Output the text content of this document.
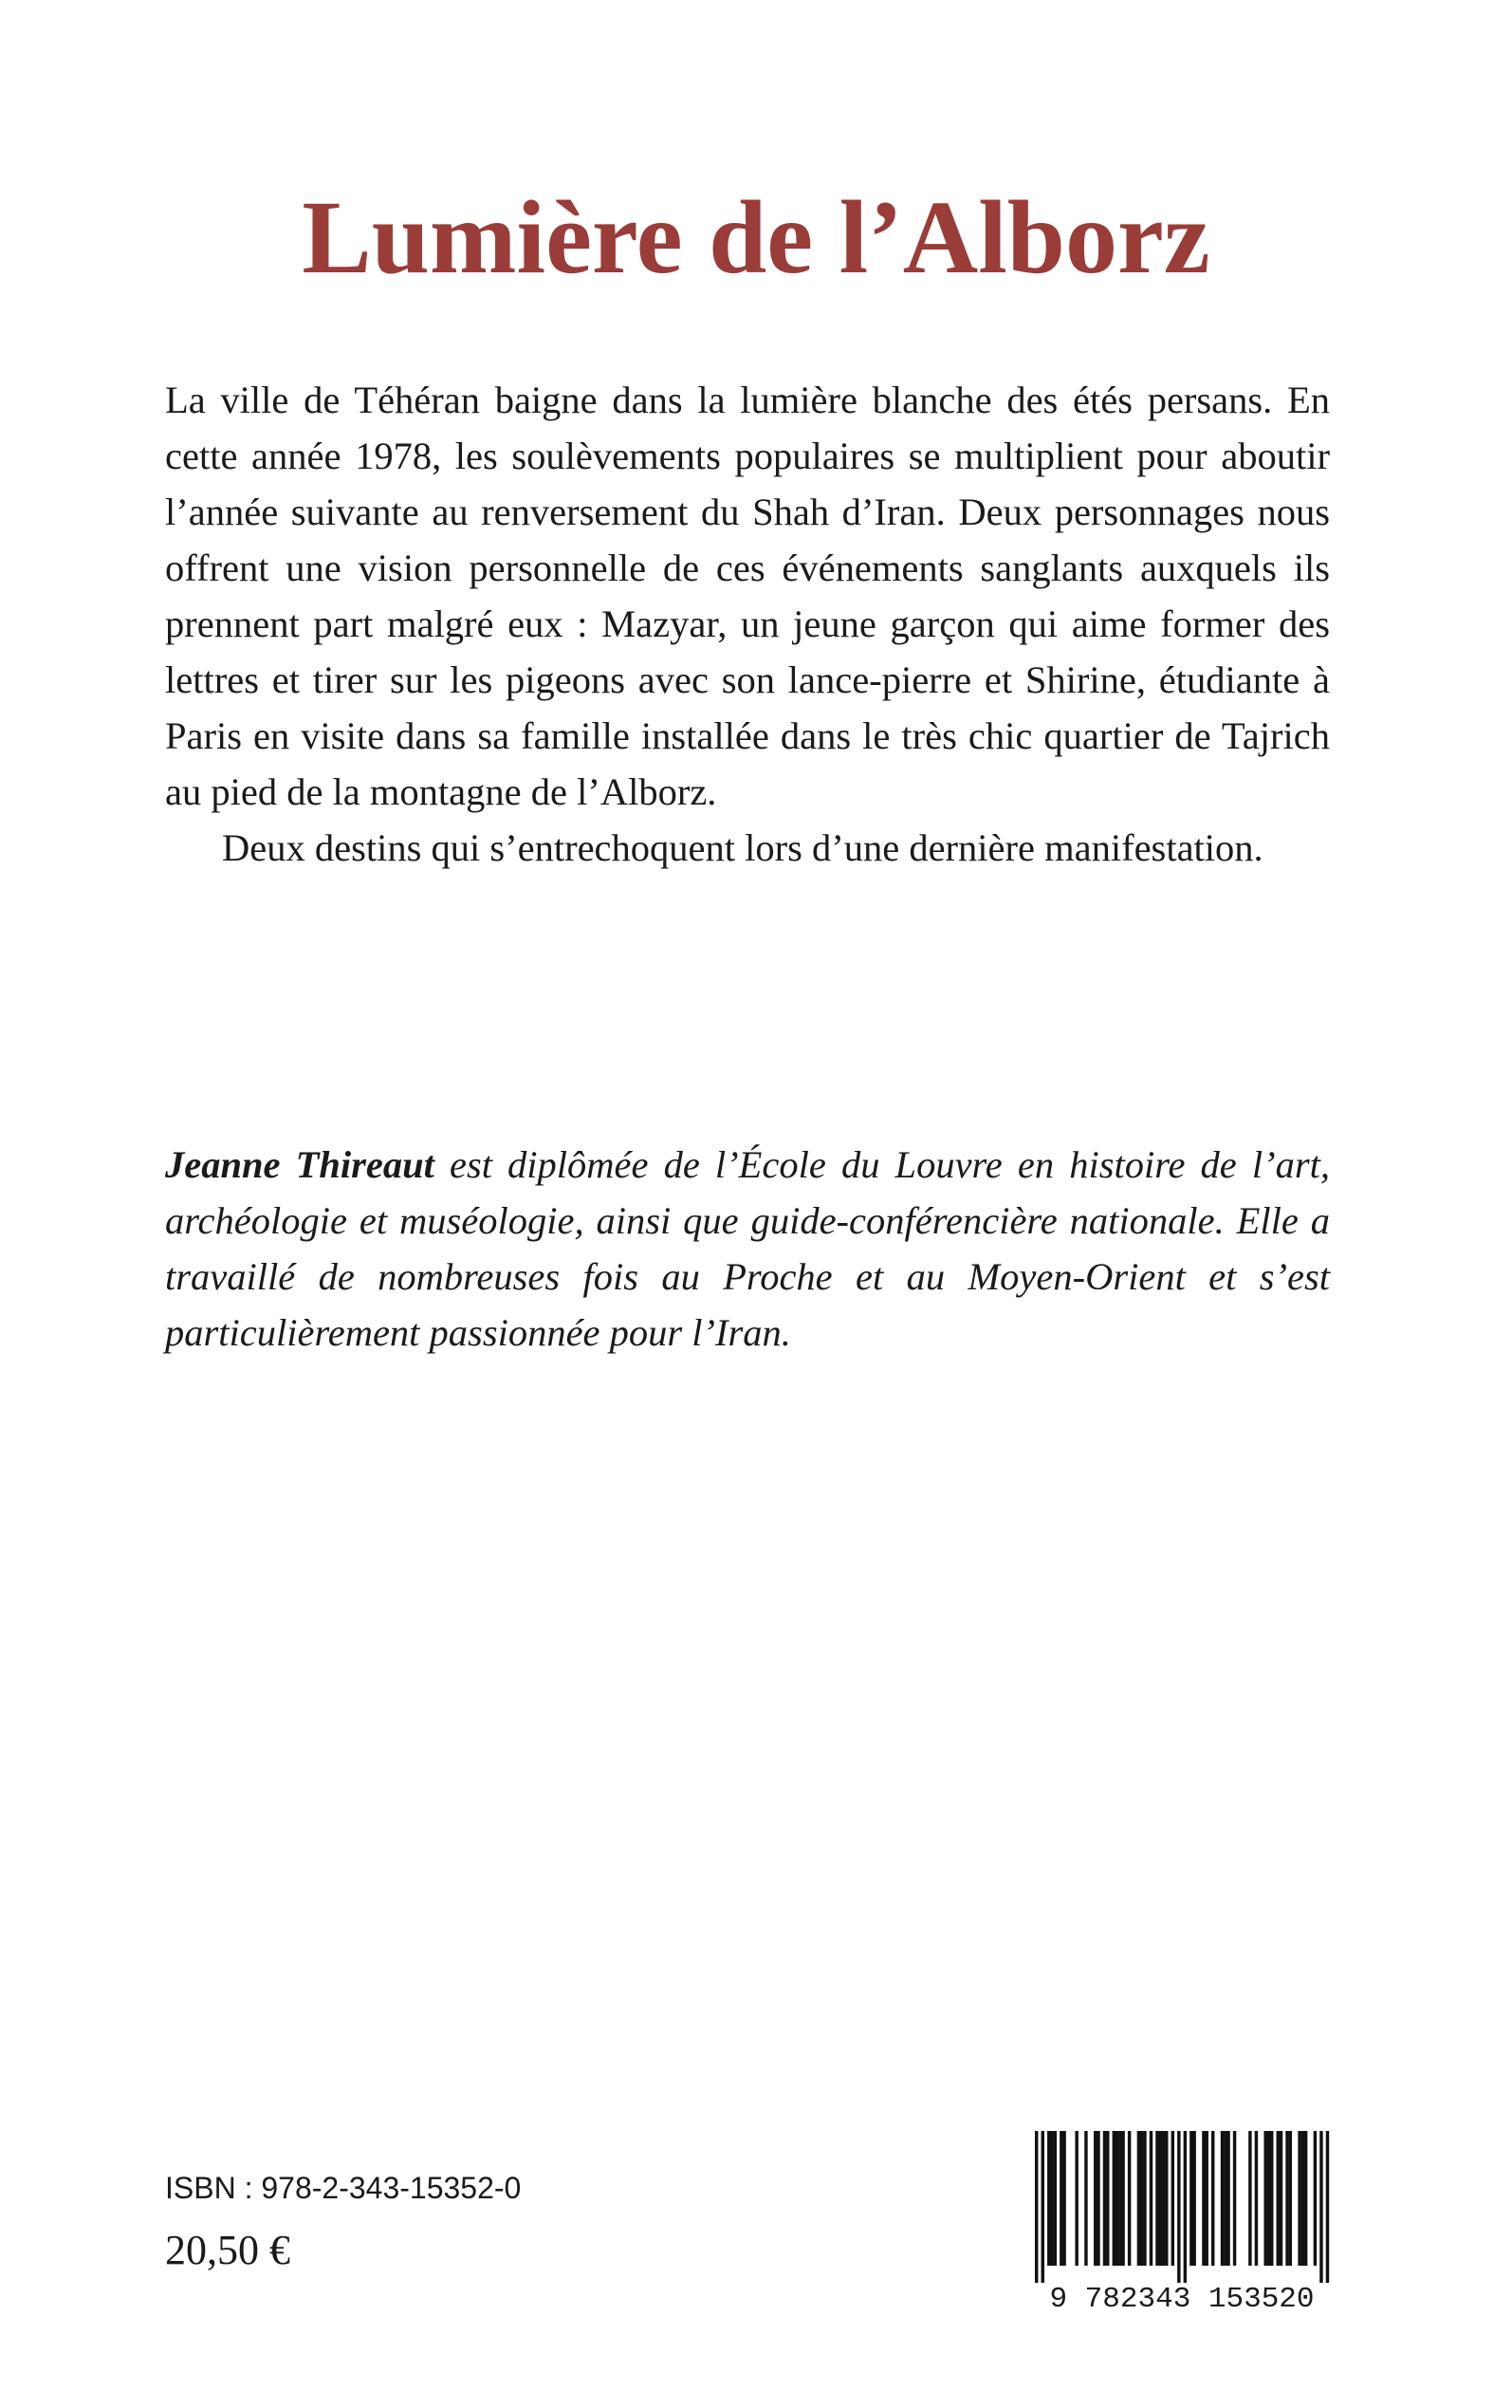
Lumière de l’Alborz

La ville de Téhéran baigne dans la lumière blanche des étés persans. En cette année 1978, les soulèvements populaires se multiplient pour aboutir l’année suivante au renversement du Shah d’Iran. Deux personnages nous offrent une vision personnelle de ces événements sanglants auxquels ils prennent part malgré eux : Mazyar, un jeune garçon qui aime former des lettres et tirer sur les pigeons avec son lance-pierre et Shirine, étudiante à Paris en visite dans sa famille installée dans le très chic quartier de Tajrich au pied de la montagne de l’Alborz.

Deux destins qui s’entrechoquent lors d’une dernière manifestation.

Jeanne Thireaut est diplômée de l’École du Louvre en histoire de l’art, archéologie et muséologie, ainsi que guide-conférencière nationale. Elle a travaillé de nombreuses fois au Proche et au Moyen-Orient et s’est particulièrement passionnée pour l’Iran.

ISBN : 978-2-343-15352-0
20,50 €
9 782343 153520
